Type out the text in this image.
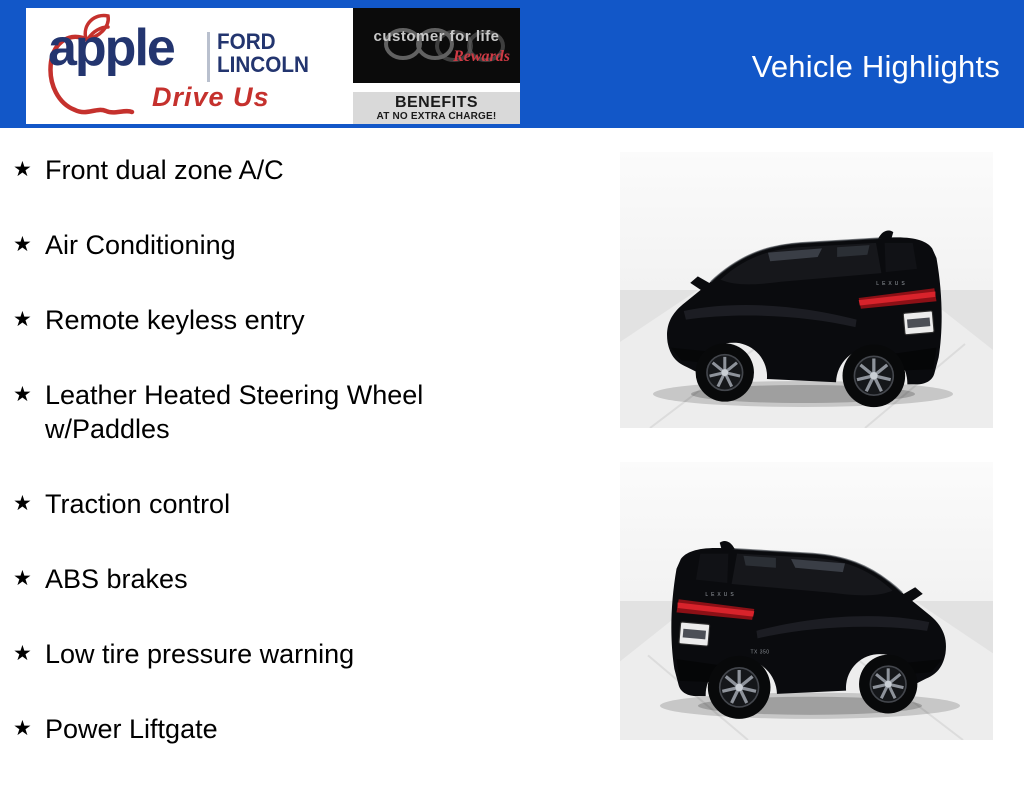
apple FORD
LINCOLN
Drive Us
customer for life
Rewards
BENEFITS
AT NO EXTRA CHARGE!
Vehicle Highlights
★ Front dual zone A/C
★ Air Conditioning
★ Remote keyless entry
★ Leather Heated Steering Wheel w/Paddles
★ Traction control
★ ABS brakes
★ Low tire pressure warning
★ Power Liftgate
LEXUS
LEXUS
TX 350
